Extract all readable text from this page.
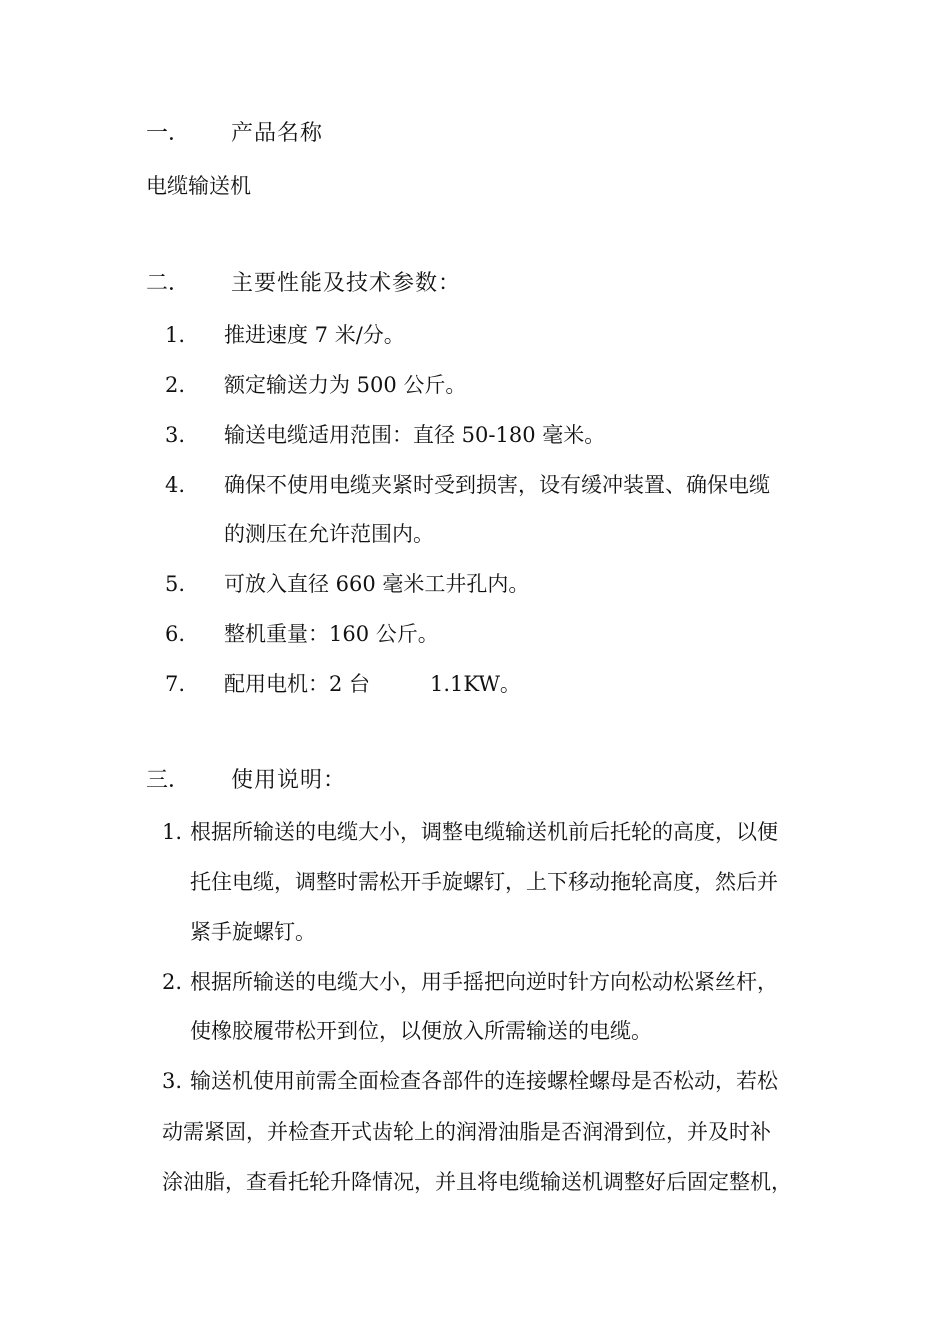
一． 产品名称
电缆输送机
二． 主要性能及技术参数：
1. 推进速度 7 米/分。
2. 额定输送力为 500 公斤。
3. 输送电缆适用范围：直径 50-180 毫米。
4. 确保不使用电缆夹紧时受到损害，设有缓冲装置、确保电缆
的测压在允许范围内。
5. 可放入直径 660 毫米工井孔内。
6. 整机重量：160 公斤。
7. 配用电机：2 台	1.1KW。
三． 使用说明：
1. 根据所输送的电缆大小，调整电缆输送机前后托轮的高度，以便
托住电缆，调整时需松开手旋螺钉，上下移动拖轮高度，然后并
紧手旋螺钉。
2. 根据所输送的电缆大小，用手摇把向逆时针方向松动松紧丝杆，
使橡胶履带松开到位，以便放入所需输送的电缆。
3. 输送机使用前需全面检查各部件的连接螺栓螺母是否松动，若松
动需紧固，并检查开式齿轮上的润滑油脂是否润滑到位，并及时补
涂油脂，查看托轮升降情况，并且将电缆输送机调整好后固定整机，
